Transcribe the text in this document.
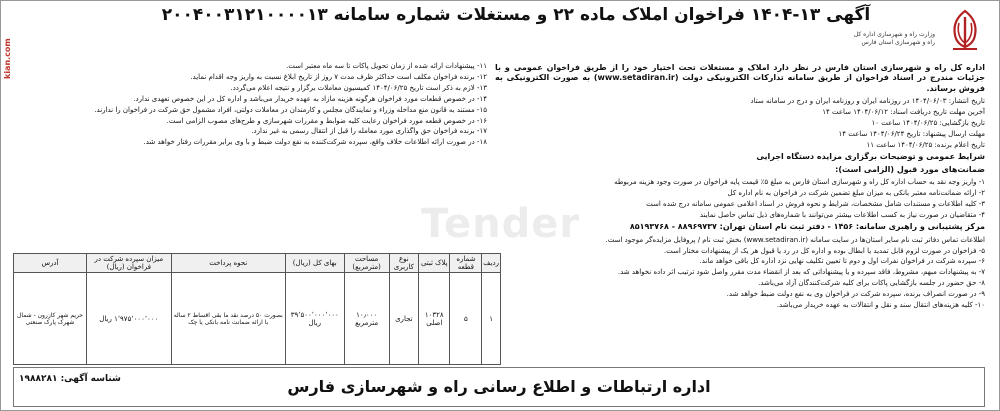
kian.com
Tender
آگهی ۱۳-۱۴۰۴ فراخوان املاک ماده ۲۲ و مستغلات شماره سامانه ۲۰۰۴۰۰۳۱۲۱۰۰۰۰۱۳
وزارت راه و شهرسازی اداره کل راه و شهرسازی استان فارس

اداره کل راه و شهرسازی استان فارس در نظر دارد املاک و مستغلات تحت اختیار خود را از طریق فراخوان عمومی و با جزئیات مندرج در اسناد فراخوان از طریق سامانه تدارکات الکترونیکی دولت (www.setadiran.ir) به صورت الکترونیکی به فروش برساند.

تاریخ انتشار: ۱۴۰۴/۰۶/۰۳ در روزنامه ایران و روزنامه ایران و درج در سامانه ستاد

آخرین مهلت تاریخ دریافت اسناد: ۱۴۰۴/۰۶/۱۲ ساعت ۱۴

تاریخ بازگشایی: ۱۴۰۴/۰۶/۲۵ ساعت ۱۰

مهلت ارسال پیشنهاد: تاریخ ۱۴۰۴/۰۶/۲۴ ساعت ۱۴

تاریخ اعلام برنده: ۱۴۰۴/۰۶/۲۵ ساعت ۱۱

شرایط عمومی و توضیحات برگزاری مزایده دستگاه اجرایی

ضمانت‌های مورد قبول (الزامی است):

۱- واریز وجه نقد به حساب اداره کل راه و شهرسازی استان فارس به مبلغ ۵٪ قیمت پایه فراخوان در صورت وجود هزینه مربوطه

۲- ارائه ضمانت‌نامه معتبر بانکی به میزان مبلغ تضمین شرکت در فراخوان به نام اداره کل

۳- کلیه اطلاعات و مستندات شامل مشخصات، شرایط و نحوه فروش در اسناد اعلامی عمومی سامانه درج شده است

۴- متقاضیان در صورت نیاز به کسب اطلاعات بیشتر می‌توانند با شماره‌های ذیل تماس حاصل نمایند

مرکز پشتیبانی و راهبری سامانه: ۱۴۵۶ - دفتر ثبت نام استان تهران: ۸۸۹۶۹۷۳۷ - ۸۵۱۹۳۷۶۸

اطلاعات تماس دفاتر ثبت نام سایر استان‌ها در سایت سامانه (www.setadiran.ir) بخش ثبت نام / پروفایل مزایده‌گر موجود است.

۵- فراخوان در صورت لزوم قابل تمدید یا ابطال بوده و اداره کل در رد یا قبول هر یک از پیشنهادات مختار است.

۶- سپرده شرکت در فراخوان نفرات اول و دوم تا تعیین تکلیف نهایی نزد اداره کل باقی خواهد ماند.

۷- به پیشنهادات مبهم، مشروط، فاقد سپرده و یا پیشنهاداتی که بعد از انقضاء مدت مقرر واصل شود ترتیب اثر داده نخواهد شد.

۸- حق حضور در جلسه بازگشایی پاکات برای کلیه شرکت‌کنندگان آزاد می‌باشد.

۹- در صورت انصراف برنده، سپرده شرکت در فراخوان وی به نفع دولت ضبط خواهد شد.

۱۰- کلیه هزینه‌های انتقال سند و نقل و انتقالات به عهده خریدار می‌باشد.

۱۱- پیشنهادات ارائه شده از زمان تحویل پاکات تا سه ماه معتبر است.

۱۲- برنده فراخوان مکلف است حداکثر ظرف مدت ۷ روز از تاریخ ابلاغ نسبت به واریز وجه اقدام نماید.

۱۳- لازم به ذکر است تاریخ ۱۴۰۴/۰۶/۲۵ کمیسیون معاملات برگزار و نتیجه اعلام می‌گردد.

۱۴- در خصوص قطعات مورد فراخوان هرگونه هزینه مازاد به عهده خریدار می‌باشد و اداره کل در این خصوص تعهدی ندارد.

۱۵- مستند به قانون منع مداخله وزراء و نمایندگان مجلس و کارمندان در معاملات دولتی، افراد مشمول حق شرکت در فراخوان را ندارند.

۱۶- در خصوص قطعه مورد فراخوان رعایت کلیه ضوابط و مقررات شهرسازی و طرح‌های مصوب الزامی است.

۱۷- برنده فراخوان حق واگذاری مورد معامله را قبل از انتقال رسمی به غیر ندارد.

۱۸- در صورت ارائه اطلاعات خلاف واقع، سپرده شرکت‌کننده به نفع دولت ضبط و با وی برابر مقررات رفتار خواهد شد.

ردیف	شماره قطعه	پلاک ثبتی	نوع کاربری	مساحت (مترمربع)	بهای کل (ریال)	نحوه پرداخت	میزان سپرده شرکت در فراخوان (ریال)	آدرس
۱	۵	۱۰۳۲۸ اصلی	تجاری	۱۰٫۰۰۰ مترمربع	۳۹٬۵۰۰٬۰۰۰٬۰۰۰ ریال	بصورت ۵۰ درصد نقد ما بقی اقساط ۲ ساله با ارائه ضمانت نامه بانکی یا چک	۱٬۹۷۵٬۰۰۰٬۰۰۰ ریال	حریم شهر کازرون - شمال شهرک پارک صنعتی
اداره ارتباطات و اطلاع رسانی راه و شهرسازی فارس
شناسه آگهی: ۱۹۸۸۲۸۱
